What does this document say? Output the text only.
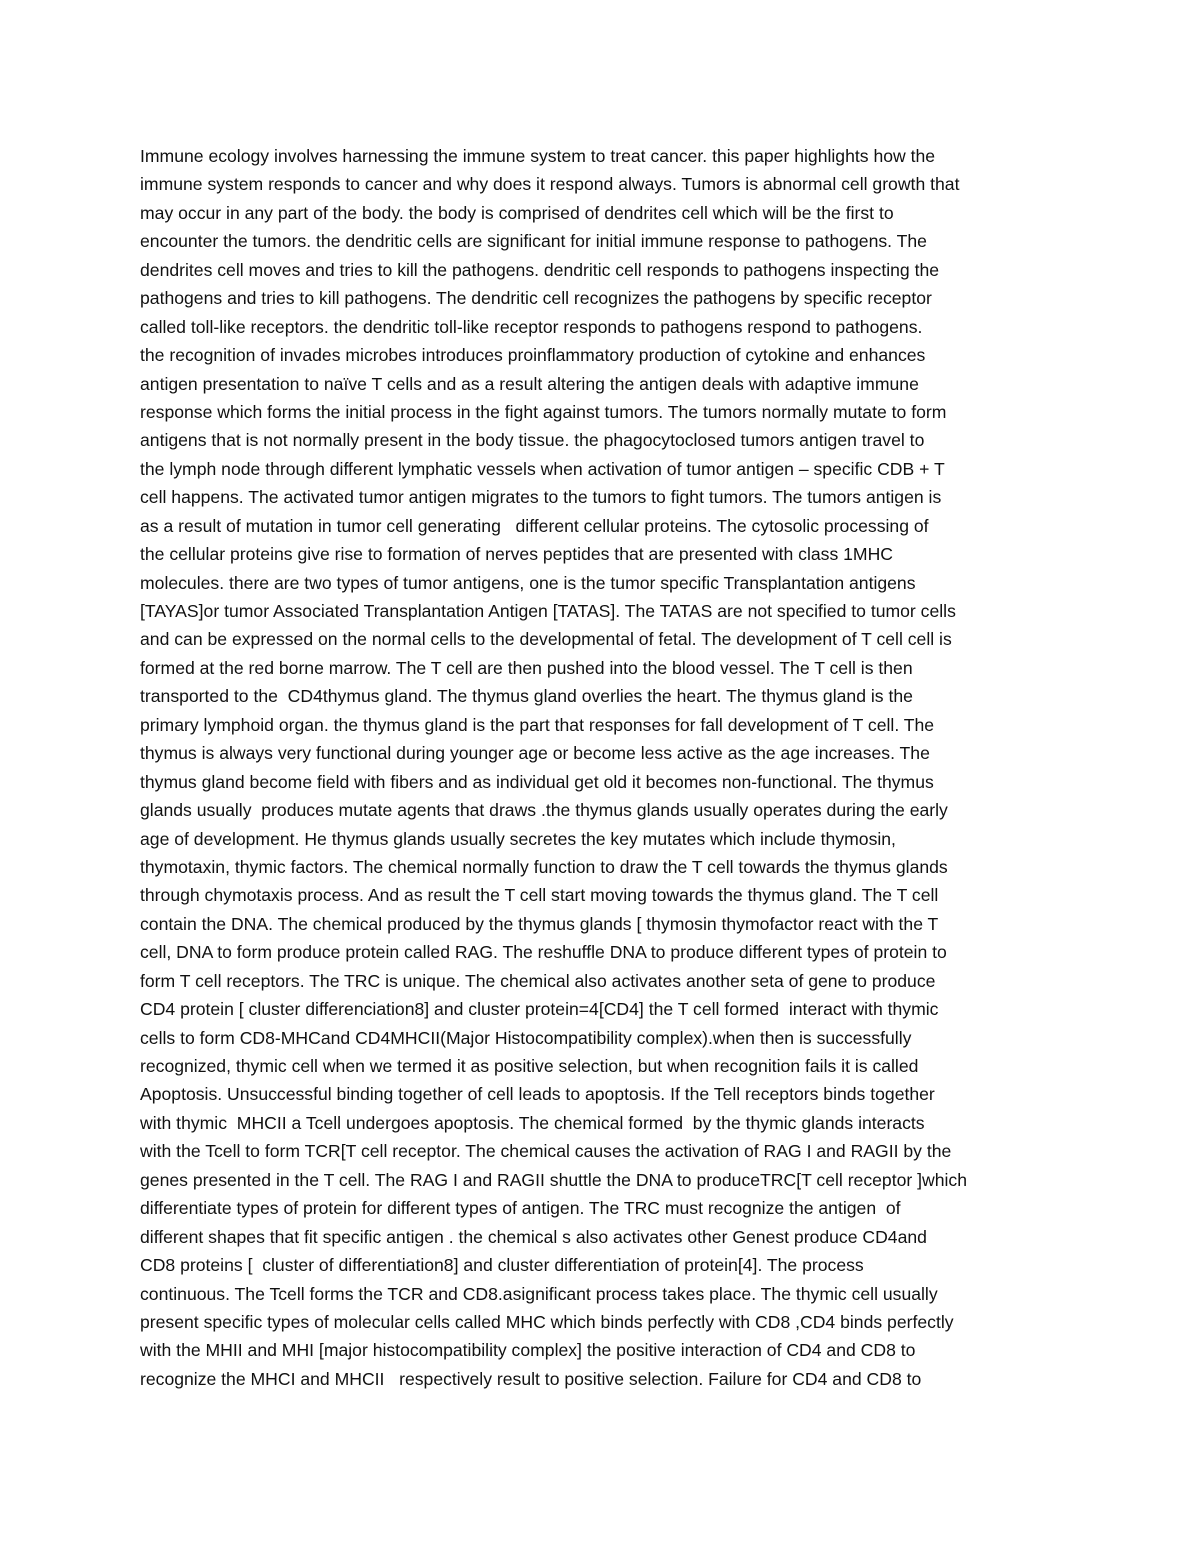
Immune ecology involves harnessing the immune system to treat cancer. this paper highlights how the
immune system responds to cancer and why does it respond always. Tumors is abnormal cell growth that
may occur in any part of the body. the body is comprised of dendrites cell which will be the first to
encounter the tumors. the dendritic cells are significant for initial immune response to pathogens. The
dendrites cell moves and tries to kill the pathogens. dendritic cell responds to pathogens inspecting the
pathogens and tries to kill pathogens. The dendritic cell recognizes the pathogens by specific receptor
called toll-like receptors. the dendritic toll-like receptor responds to pathogens respond to pathogens.
the recognition of invades microbes introduces proinflammatory production of cytokine and enhances
antigen presentation to naïve T cells and as a result altering the antigen deals with adaptive immune
response which forms the initial process in the fight against tumors. The tumors normally mutate to form
antigens that is not normally present in the body tissue. the phagocytoclosed tumors antigen travel to
the lymph node through different lymphatic vessels when activation of tumor antigen – specific CDB + T
cell happens. The activated tumor antigen migrates to the tumors to fight tumors. The tumors antigen is
as a result of mutation in tumor cell generating   different cellular proteins. The cytosolic processing of
the cellular proteins give rise to formation of nerves peptides that are presented with class 1MHC
molecules. there are two types of tumor antigens, one is the tumor specific Transplantation antigens
[TAYAS]or tumor Associated Transplantation Antigen [TATAS]. The TATAS are not specified to tumor cells
and can be expressed on the normal cells to the developmental of fetal. The development of T cell cell is
formed at the red borne marrow. The T cell are then pushed into the blood vessel. The T cell is then
transported to the  CD4thymus gland. The thymus gland overlies the heart. The thymus gland is the
primary lymphoid organ. the thymus gland is the part that responses for fall development of T cell. The
thymus is always very functional during younger age or become less active as the age increases. The
thymus gland become field with fibers and as individual get old it becomes non-functional. The thymus
glands usually  produces mutate agents that draws .the thymus glands usually operates during the early
age of development. He thymus glands usually secretes the key mutates which include thymosin,
thymotaxin, thymic factors. The chemical normally function to draw the T cell towards the thymus glands
through chymotaxis process. And as result the T cell start moving towards the thymus gland. The T cell
contain the DNA. The chemical produced by the thymus glands [ thymosin thymofactor react with the T
cell, DNA to form produce protein called RAG. The reshuffle DNA to produce different types of protein to
form T cell receptors. The TRC is unique. The chemical also activates another seta of gene to produce
CD4 protein [ cluster differenciation8] and cluster protein=4[CD4] the T cell formed  interact with thymic
cells to form CD8-MHCand CD4MHCII(Major Histocompatibility complex).when then is successfully
recognized, thymic cell when we termed it as positive selection, but when recognition fails it is called
Apoptosis. Unsuccessful binding together of cell leads to apoptosis. If the Tell receptors binds together
with thymic  MHCII a Tcell undergoes apoptosis. The chemical formed  by the thymic glands interacts
with the Tcell to form TCR[T cell receptor. The chemical causes the activation of RAG I and RAGII by the
genes presented in the T cell. The RAG I and RAGII shuttle the DNA to produceTRC[T cell receptor ]which
differentiate types of protein for different types of antigen. The TRC must recognize the antigen  of
different shapes that fit specific antigen . the chemical s also activates other Genest produce CD4and
CD8 proteins [  cluster of differentiation8] and cluster differentiation of protein[4]. The process
continuous. The Tcell forms the TCR and CD8.asignificant process takes place. The thymic cell usually
present specific types of molecular cells called MHC which binds perfectly with CD8 ,CD4 binds perfectly
with the MHII and MHI [major histocompatibility complex] the positive interaction of CD4 and CD8 to
recognize the MHCI and MHCII   respectively result to positive selection. Failure for CD4 and CD8 to
